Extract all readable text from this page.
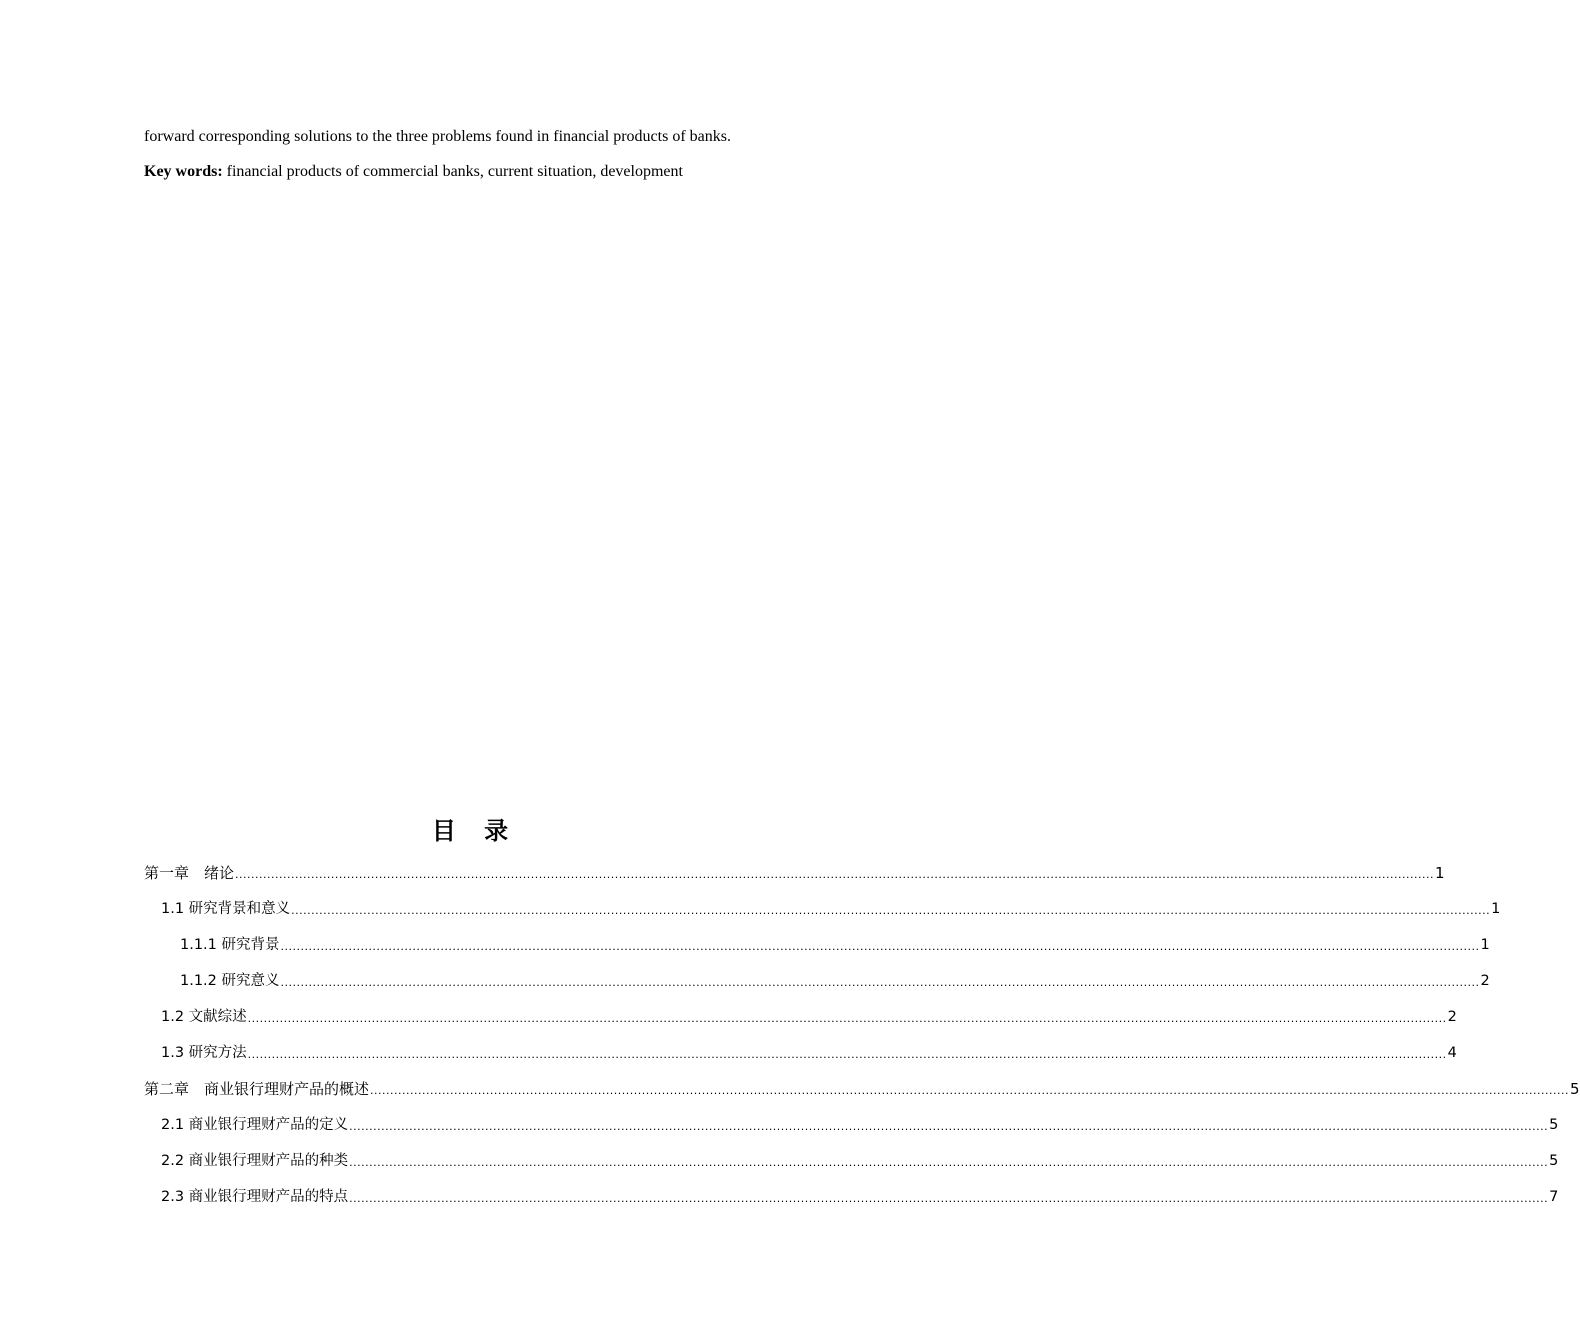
forward corresponding solutions to the three problems found in financial products of banks.

Key words: financial products of commercial banks, current situation, development

目 录
第一章　绪论 ............................................................................................................................................................................................................................................................................................................ 1
1.1 研究背景和意义 ............................................................................................................................................................................................................................................................................................................ 1
1.1.1 研究背景 ............................................................................................................................................................................................................................................................................................................ 1
1.1.2 研究意义 ............................................................................................................................................................................................................................................................................................................ 2
1.2 文献综述 ............................................................................................................................................................................................................................................................................................................ 2
1.3 研究方法 ............................................................................................................................................................................................................................................................................................................ 4
第二章　商业银行理财产品的概述 ............................................................................................................................................................................................................................................................................................................ 5
2.1 商业银行理财产品的定义 ............................................................................................................................................................................................................................................................................................................ 5
2.2 商业银行理财产品的种类 ............................................................................................................................................................................................................................................................................................................ 5
2.3 商业银行理财产品的特点 ............................................................................................................................................................................................................................................................................................................ 7
